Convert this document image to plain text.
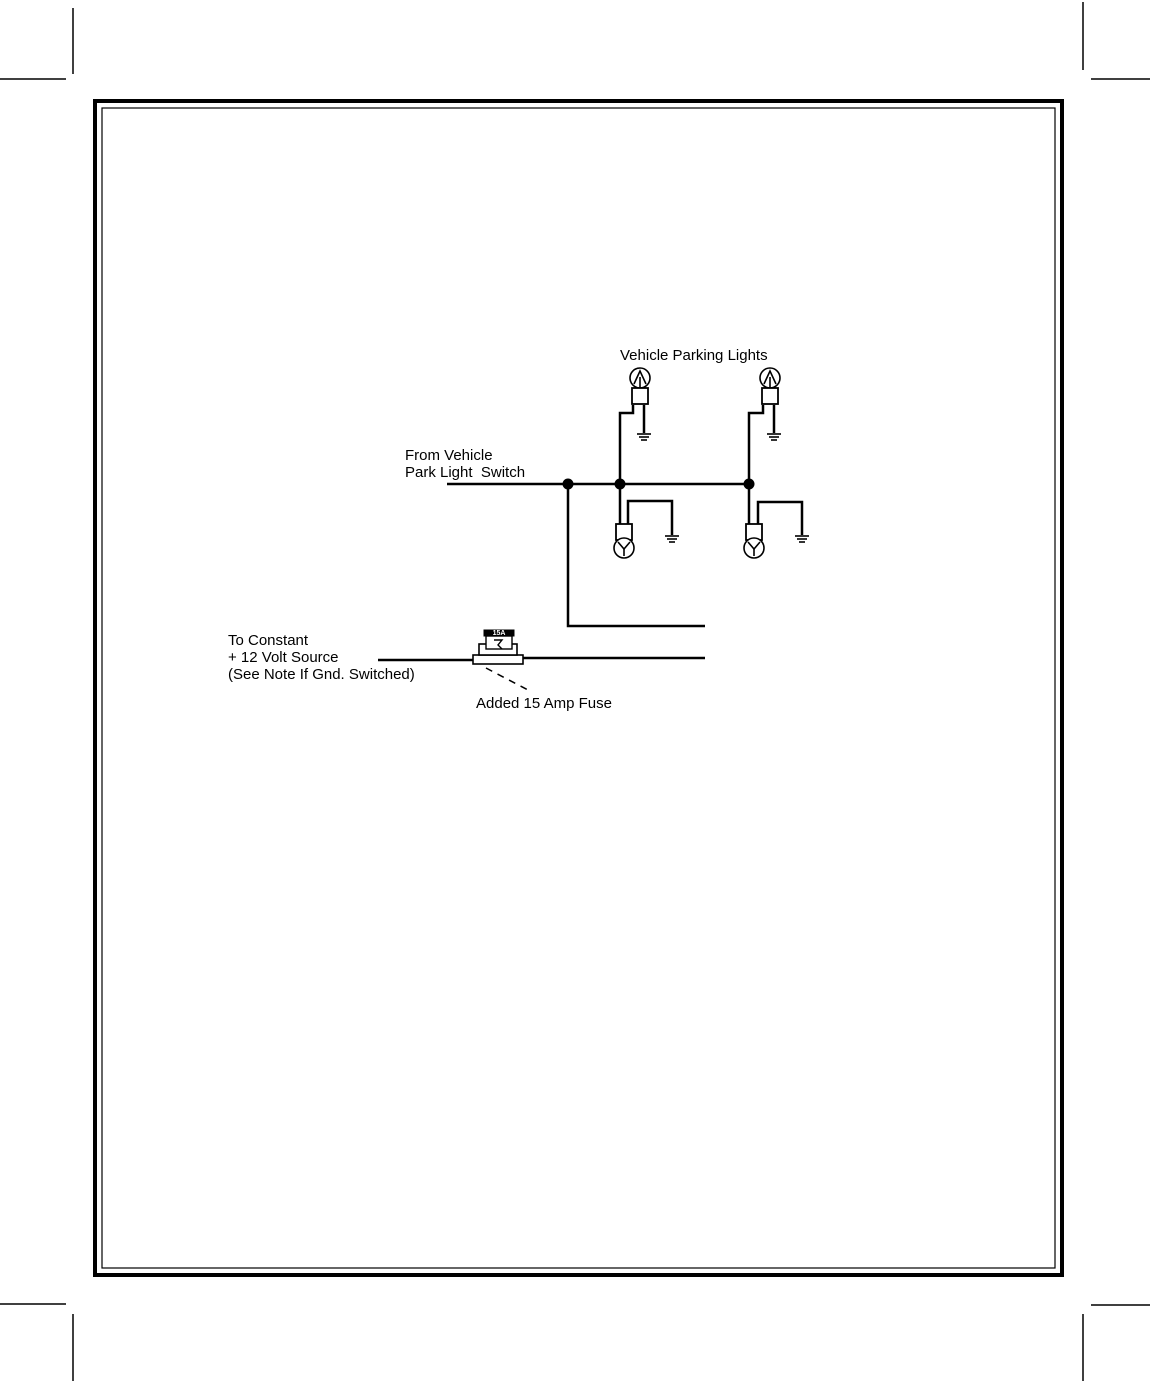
15A
Vehicle Parking Lights
From Vehicle
Park Light  Switch
To Constant
+ 12 Volt Source
(See Note If Gnd. Switched)
Added 15 Amp Fuse
